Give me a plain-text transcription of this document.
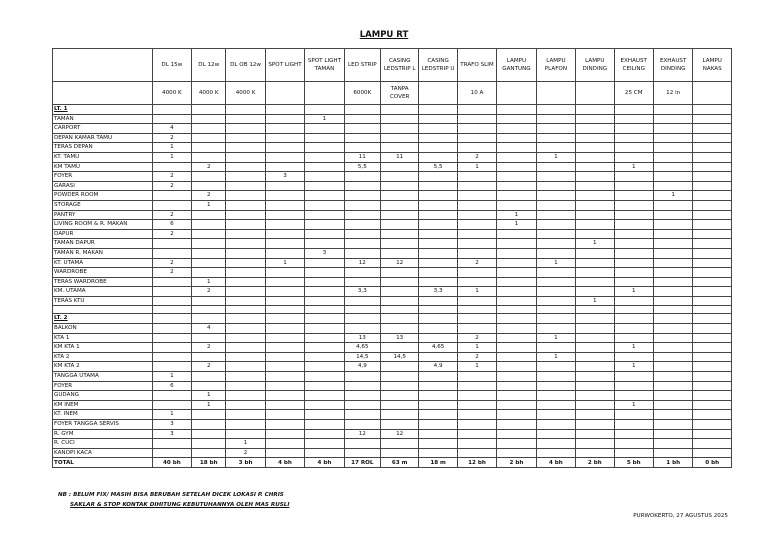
LAMPU RT
	DL 15w	DL 12w	DL OB 12w	SPOT LIGHT	SPOT LIGHT TAMAN	LED STRIP	CASING LEDSTRIP L	CASING LEDSTRIP U	TRAFO SLIM	LAMPU GANTUNG	LAMPU PLAFON	LAMPU DINDING	EXHAUST CEILING	EXHAUST DINDING	LAMPU NAKAS
	4000 K	4000 K	4000 K			6000K	TANPA COVER		10 A				25 CM	12 in	
LT. 1															
TAMAN					1										
CARPORT	4														
DEPAN KAMAR TAMU	2														
TERAS DEPAN	1														
KT. TAMU	1					11	11		2		1				
KM TAMU		2				5,5		5,5	1				1		
FOYER	2			3											
GARASI	2														
POWDER ROOM		2												1	
STORAGE		1													
PANTRY	2									1					
LIVING ROOM & R. MAKAN	6									1					
DAPUR	2														
TAMAN DAPUR												1			
TAMAN R. MAKAN					3										
KT. UTAMA	2			1		12	12		2		1				
WARDROBE	2														
TERAS WARDROBE		1													
KM. UTAMA		2				3,3		3,3	1				1		
TERAS KTU												1			

LT. 2															
BALKON		4													
KTA 1						13	13		2		1				
KM KTA 1		2				4,65		4,65	1				1		
KTA 2						14,5	14,5		2		1				
KM KTA 2		2				4,9		4,9	1				1		
TANGGA UTAMA	1														
FOYER	6														
GUDANG		1													
KM INEM		1											1		
KT. INEM	1														
FOYER TANGGA SERVIS	3														
R. GYM	3					12	12								
R. CUCI			1												
KANOPI KACA			2												
TOTAL	40 bh	18 bh	3 bh	4 bh	4 bh	17 ROL	63 m	18 m	12 bh	2 bh	4 bh	2 bh	5 bh	1 bh	0 bh
NB : BELUM FIX/ MASIH BISA BERUBAH SETELAH DICEK LOKASI P. CHRIS
SAKLAR & STOP KONTAK DIHITUNG KEBUTUHANNYA OLEH MAS RUSLI
PURWOKERTO, 27 AGUSTUS 2025
